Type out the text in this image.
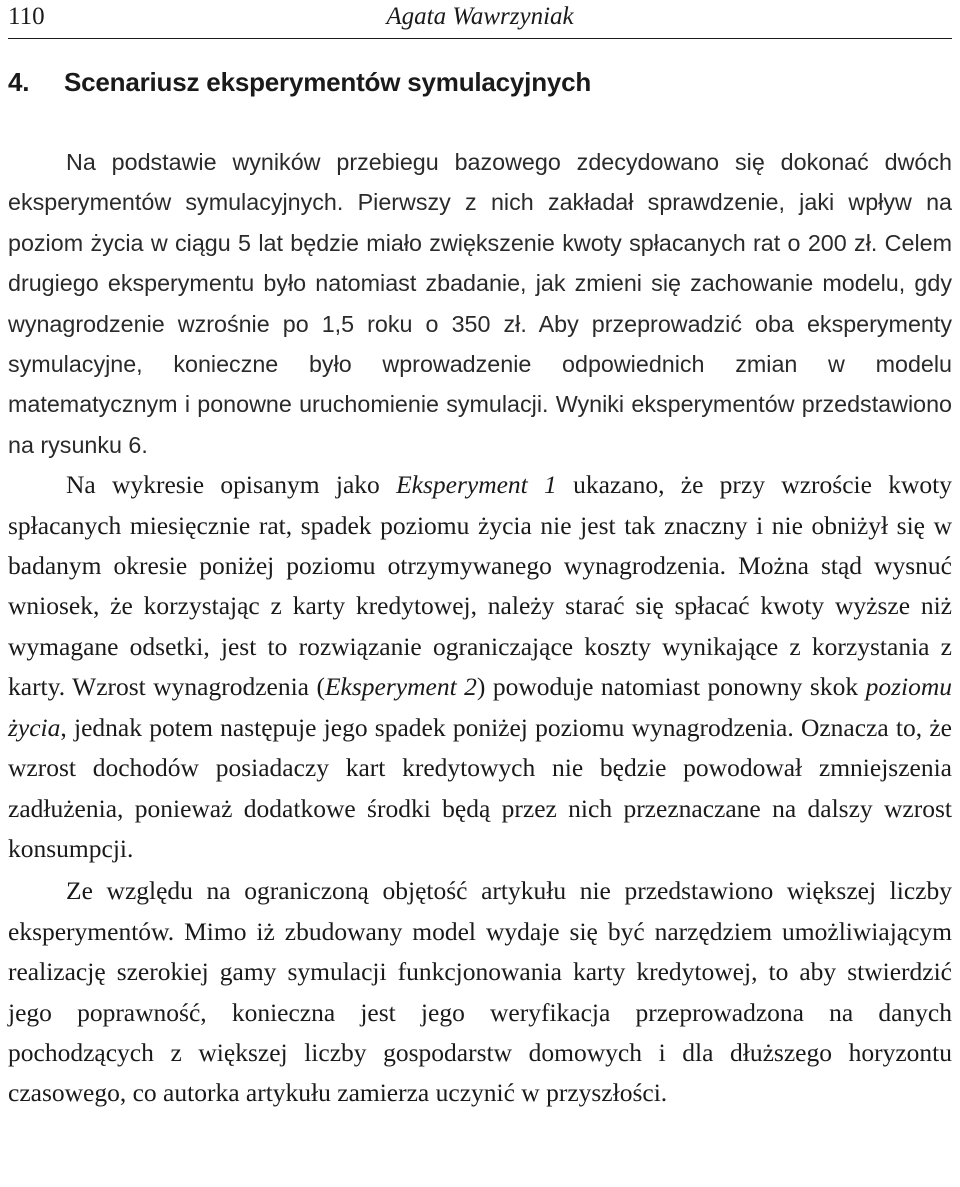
110	Agata Wawrzyniak
4. Scenariusz eksperymentów symulacyjnych

Na podstawie wyników przebiegu bazowego zdecydowano się dokonać dwóch eksperymentów symulacyjnych. Pierwszy z nich zakładał sprawdzenie, jaki wpływ na poziom życia w ciągu 5 lat będzie miało zwiększenie kwoty spłacanych rat o 200 zł. Celem drugiego eksperymentu było natomiast zbadanie, jak zmieni się zachowanie modelu, gdy wynagrodzenie wzrośnie po 1,5 roku o 350 zł. Aby przeprowadzić oba eksperymenty symulacyjne, konieczne było wprowadzenie odpowiednich zmian w modelu matematycznym i ponowne uruchomienie symulacji. Wyniki eksperymentów przedstawiono na rysunku 6.

Na wykresie opisanym jako Eksperyment 1 ukazano, że przy wzroście kwoty spłacanych miesięcznie rat, spadek poziomu życia nie jest tak znaczny i nie obniżył się w badanym okresie poniżej poziomu otrzymywanego wynagrodzenia. Można stąd wysnuć wniosek, że korzystając z karty kredytowej, należy starać się spłacać kwoty wyższe niż wymagane odsetki, jest to rozwiązanie ograniczające koszty wynikające z korzystania z karty. Wzrost wynagrodzenia (Eksperyment 2) powoduje natomiast ponowny skok poziomu życia, jednak potem następuje jego spadek poniżej poziomu wynagrodzenia. Oznacza to, że wzrost dochodów posiadaczy kart kredytowych nie będzie powodował zmniejszenia zadłużenia, ponieważ dodatkowe środki będą przez nich przeznaczane na dalszy wzrost konsumpcji.

Ze względu na ograniczoną objętość artykułu nie przedstawiono większej liczby eksperymentów. Mimo iż zbudowany model wydaje się być narzędziem umożliwiającym realizację szerokiej gamy symulacji funkcjonowania karty kredytowej, to aby stwierdzić jego poprawność, konieczna jest jego weryfikacja przeprowadzona na danych pochodzących z większej liczby gospodarstw domowych i dla dłuższego horyzontu czasowego, co autorka artykułu zamierza uczynić w przyszłości.
